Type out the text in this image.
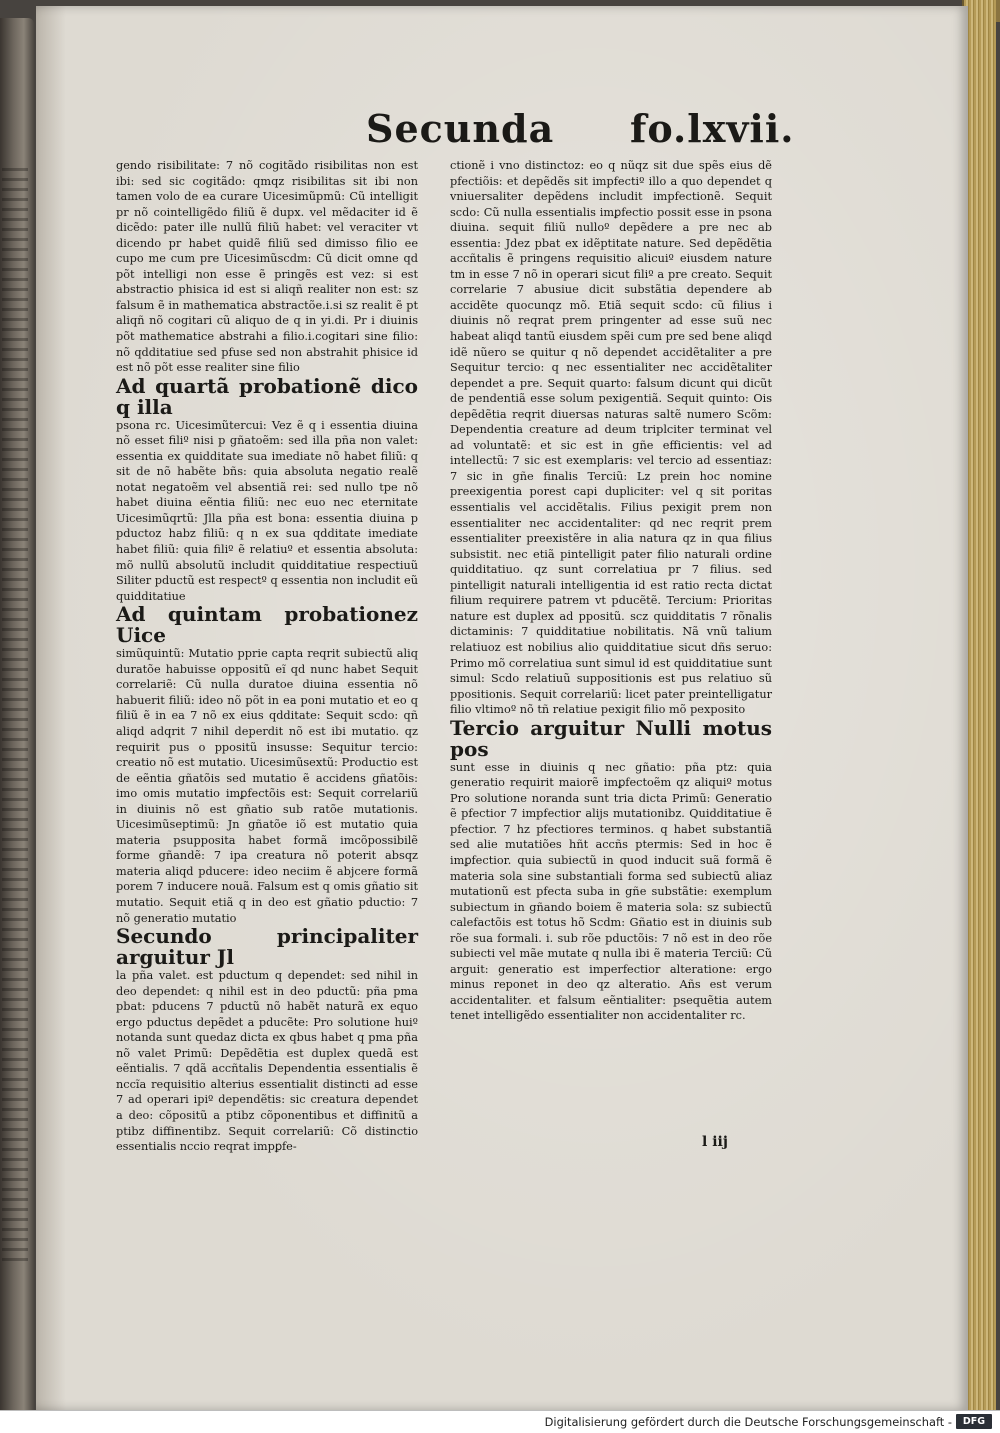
Secunda fo.lxvii.

gendo risibilitate: 7 nõ cogitãdo risibilitas non est ibi: sed sic cogitãdo: qmqz risibilitas sit ibi non tamen volo de ea curare Uicesimũpmũ: Cũ intelligit pr nõ cointelligẽdo filiũ ẽ dupx. vel mẽdaciter id ẽ dicẽdo: pater ille nullũ filiũ habet: vel veraciter vt dicendo pr habet quidẽ filiũ sed dimisso filio ee cupo me cum pre Uicesimũscdm: Cũ dicit omne qd põt intelligi non esse ẽ pringẽs est vez: si est abstractio phisica id est si aliqñ realiter non est: sz falsum ẽ in mathematica abstractõe.i.si sz realit ẽ pt aliqñ nõ cogitari cũ aliquo de q in yi.di. Pr i diuinis põt mathematice abstrahi a filio.i.cogitari sine filio: nõ qdditatiue sed pfuse sed non abstrahit phisice id est nõ põt esse realiter sine filio

Ad quartã probationẽ dico q illa

psona rc. Uicesimũtercui: Vez ẽ q i essentia diuina nõ esset filiº nisi p gñatoẽm: sed illa pña non valet: essentia ex quidditate sua imediate nõ habet filiũ: q sit de nõ habẽte bñs: quia absoluta negatio realẽ notat negatoẽm vel absentiã rei: sed nullo tpe nõ habet diuina eẽntia filiũ: nec euo nec eternitate Uicesimũqrtũ: Jlla pña est bona: essentia diuina p pductoz habz filiũ: q n ex sua qdditate imediate habet filiũ: quia filiº ẽ relatiuº et essentia absoluta: mõ nullũ absolutũ includit quidditatiue respectiuũ Siliter pductũ est respectº q essentia non includit eũ quidditatiue

Ad quintam probationez Uice

simũquintũ: Mutatio pprie capta reqrit subiectũ aliq duratõe habuisse oppositũ eĩ qd nunc habet Sequit correlariẽ: Cũ nulla duratoe diuina essentia nõ habuerit filiũ: ideo nõ põt in ea poni mutatio et eo q filiũ ẽ in ea 7 nõ ex eius qdditate: Sequit scdo: qñ aliqd adqrit 7 nihil deperdit nõ est ibi mutatio. qz requirit pus o ppositũ insusse: Sequitur tercio: creatio nõ est mutatio. Uicesimũsextũ: Productio est de eẽntia gñatõis sed mutatio ẽ accidens gñatõis: imo omis mutatio imꝑfectõis est: Sequit correlariũ in diuinis nõ est gñatio sub ratõe mutationis. Uicesimũseptimũ: Jn gñatõe iõ est mutatio quia materia psupposita habet formã imcõpossibilẽ forme gñandẽ: 7 ipa creatura nõ poterit absqz materia aliqd pducere: ideo neciim ẽ abjcere formã porem 7 inducere nouã. Falsum est q omis gñatio sit mutatio. Sequit etiã q in deo est gñatio pductio: 7 nõ generatio mutatio

Secundo principaliter arguitur Jl

la pña valet. est pductum q dependet: sed nihil in deo dependet: q nihil est in deo pductũ: pña pma pbat: pducens 7 pductũ nõ habẽt naturã ex equo ergo pductus depẽdet a pducẽte: Pro solutione huiº notanda sunt quedaz dicta ex qbus habet q pma pña nõ valet Primũ: Depẽdẽtia est duplex quedã est eẽntialis. 7 qdã accñtalis Dependentia essentialis ẽ nccĩa requisitio alterius essentialit distincti ad esse 7 ad operari ipiº dependẽtis: sic creatura dependet a deo: cõpositũ a ptibz cõponentibus et diffinitũ a ptibz diffinentibz. Sequit correlariũ: Cõ distinctio essentialis nccio reqrat impꝑfe-

ctionẽ i vno distinctoz: eo q nũqz sit due spẽs eius dẽ pfectiõis: et depẽdẽs sit impfectiº illo a quo dependet q vniuersaliter depẽdens includit impfectionẽ. Sequit scdo: Cũ nulla essentialis imꝑfectio possit esse in psona diuina. sequit filiũ nulloº depẽdere a pre nec ab essentia: Jdez pbat ex idẽptitate nature. Sed depẽdẽtia accñtalis ẽ pringens requisitio alicuiº eiusdem nature tm in esse 7 nõ in operari sicut filiº a pre creato. Sequit correlarie 7 abusiue dicit substãtia dependere ab accidẽte quocunqz mõ. Etiã sequit scdo: cũ filius i diuinis nõ reqrat prem pringenter ad esse suũ nec habeat aliqd tantũ eiusdem spẽi cum pre sed bene aliqd idẽ nũero se quitur q nõ dependet accidẽtaliter a pre Sequitur tercio: q nec essentialiter nec accidẽtaliter dependet a pre. Sequit quarto: falsum dicunt qui dicũt de pendentiã esse solum pexigentiã. Sequit quinto: Ois depẽdẽtia reqrit diuersas naturas saltẽ numero Scõm: Dependentia creature ad deum triplciter terminat vel ad voluntatẽ: et sic est in gñe efficientis: vel ad intellectũ: 7 sic est exemplaris: vel tercio ad essentiaz: 7 sic in gñe finalis Terciũ: Lz prein hoc nomine preexigentia porest capi dupliciter: vel q sit poritas essentialis vel accidẽtalis. Filius pexigit prem non essentialiter nec accidentaliter: qd nec reqrit prem essentialiter preexistẽre in alia natura qz in qua filius subsistit. nec etiã pintelligit pater filio naturali ordine quidditatiuo. qz sunt correlatiua pr 7 filius. sed pintelligit naturali intelligentia id est ratio recta dictat filium requirere patrem vt pducẽtẽ. Tercium: Prioritas nature est duplex ad ppositũ. scz quidditatis 7 rõnalis dictaminis: 7 quidditatiue nobilitatis. Nã vnũ talium relatiuoz est nobilius alio quidditatiue sicut dñs seruo: Primo mõ correlatiua sunt simul id est quidditatiue sunt simul: Scdo relatiuũ suppositionis est pus relatiuo sũ ppositionis. Sequit correlariũ: licet pater preintelligatur filio vltimoº nõ tñ relatiue pexigit filio mõ pexposito

Tercio arguitur Nulli motus pos

sunt esse in diuinis q nec gñatio: pña ptz: quia generatio requirit maiorẽ imꝑfectoẽm qz aliquiº motus Pro solutione noranda sunt tria dicta Primũ: Generatio ẽ pfectior 7 impfectior alijs mutationibz. Quidditatiue ẽ pfectior. 7 hz pfectiores terminos. q habet substantiã sed alie mutatiões hñt accñs ptermis: Sed in hoc ẽ imꝑfectior. quia subiectũ in quod inducit suã formã ẽ materia sola sine substantiali forma sed subiectũ aliaz mutationũ est pfecta suba in gñe substãtie: exemplum subiectum in gñando boiem ẽ materia sola: sz subiectũ calefactõis est totus hõ Scdm: Gñatio est in diuinis sub rõe sua formali. i. sub rõe pductõis: 7 nõ est in deo rõe subiecti vel mãe mutate q nulla ibi ẽ materia Terciũ: Cũ arguit: generatio est imperfectior alteratione: ergo minus reponet in deo qz alteratio. Añs est verum accidentaliter. et falsum eẽntialiter: psequẽtia autem tenet intelligẽdo essentialiter non accidentaliter rc.

l iij
Digitalisierung gefördert durch die Deutsche Forschungsgemeinschaft -	DFG
